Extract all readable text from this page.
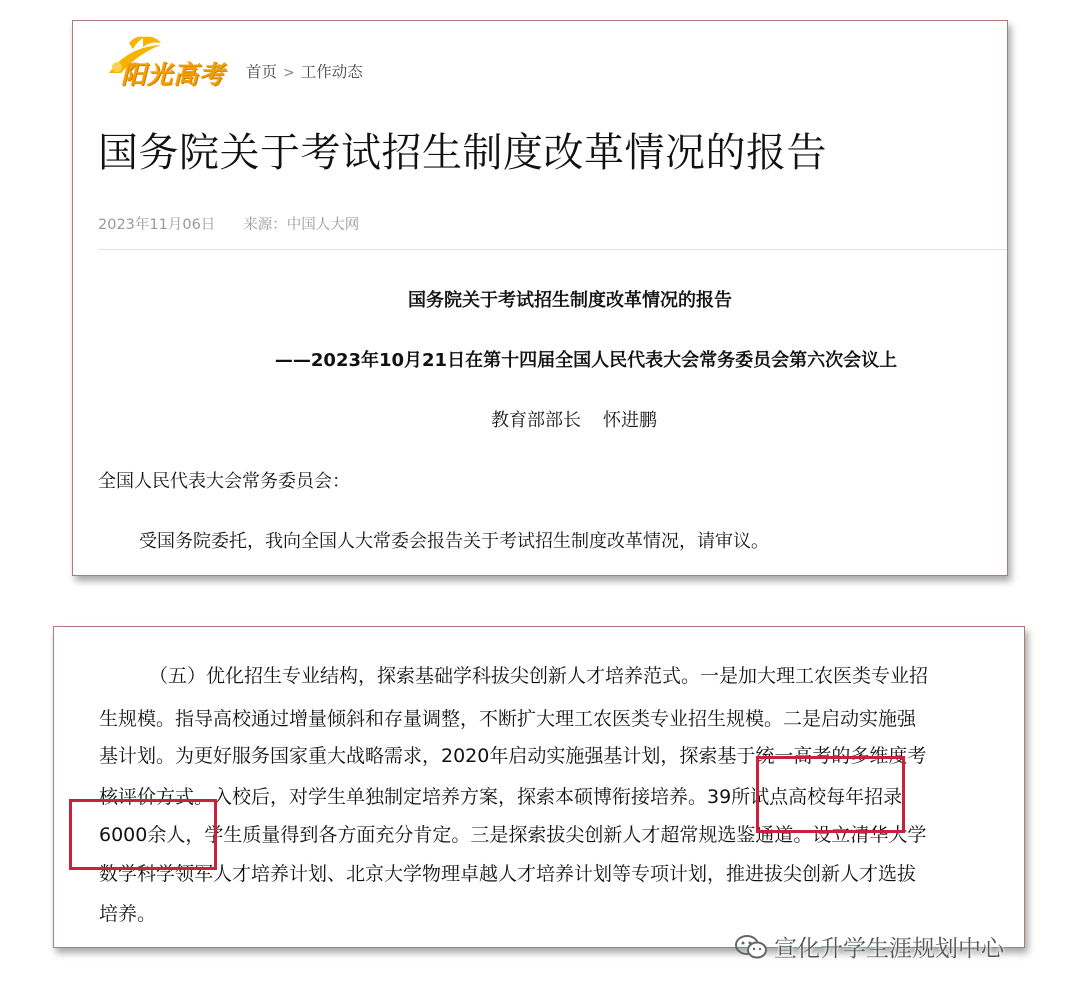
阳光高考 首页 > 工作动态
国务院关于考试招生制度改革情况的报告
2023年11月06日 来源：中国人大网
国务院关于考试招生制度改革情况的报告
——2023年10月21日在第十四届全国人民代表大会常务委员会第六次会议上
教育部部长 怀进鹏
全国人民代表大会常务委员会：
受国务院委托，我向全国人大常委会报告关于考试招生制度改革情况，请审议。
（五）优化招生专业结构，探索基础学科拔尖创新人才培养范式。一是加大理工农医类专业招
生规模。指导高校通过增量倾斜和存量调整，不断扩大理工农医类专业招生规模。二是启动实施强
基计划。为更好服务国家重大战略需求，2020年启动实施强基计划，探索基于统一高考的多维度考
核评价方式。入校后，对学生单独制定培养方案，探索本硕博衔接培养。39所试点高校每年招录
6000余人，学生质量得到各方面充分肯定。三是探索拔尖创新人才超常规选鉴通道。设立清华大学
数学科学领军人才培养计划、北京大学物理卓越人才培养计划等专项计划，推进拔尖创新人才选拔
培养。
宣化升学生涯规划中心
